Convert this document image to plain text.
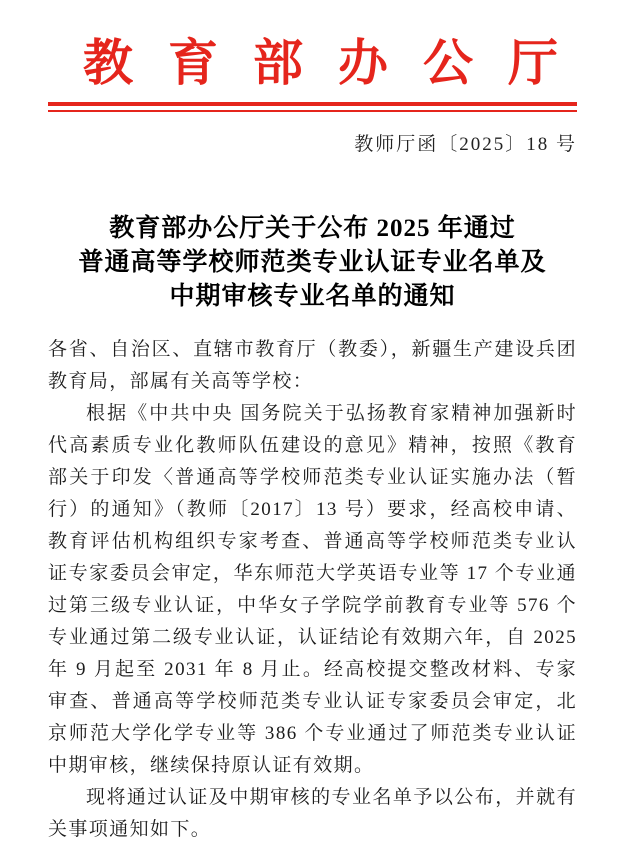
教育部办公厅
教师厅函〔2025〕18 号
教育部办公厅关于公布 2025 年通过
普通高等学校师范类专业认证专业名单及
中期审核专业名单的通知

各省、自治区、直辖市教育厅（教委），新疆生产建设兵团教育局，部属有关高等学校：

根据《中共中央 国务院关于弘扬教育家精神加强新时代高素质专业化教师队伍建设的意见》精神，按照《教育部关于印发〈普通高等学校师范类专业认证实施办法（暂行）的通知》（教师〔2017〕13 号）要求，经高校申请、教育评估机构组织专家考查、普通高等学校师范类专业认证专家委员会审定，华东师范大学英语专业等 17 个专业通过第三级专业认证，中华女子学院学前教育专业等 576 个专业通过第二级专业认证，认证结论有效期六年，自 2025 年 9 月起至 2031 年 8 月止。经高校提交整改材料、专家审查、普通高等学校师范类专业认证专家委员会审定，北京师范大学化学专业等 386 个专业通过了师范类专业认证中期审核，继续保持原认证有效期。

现将通过认证及中期审核的专业名单予以公布，并就有关事项通知如下。
